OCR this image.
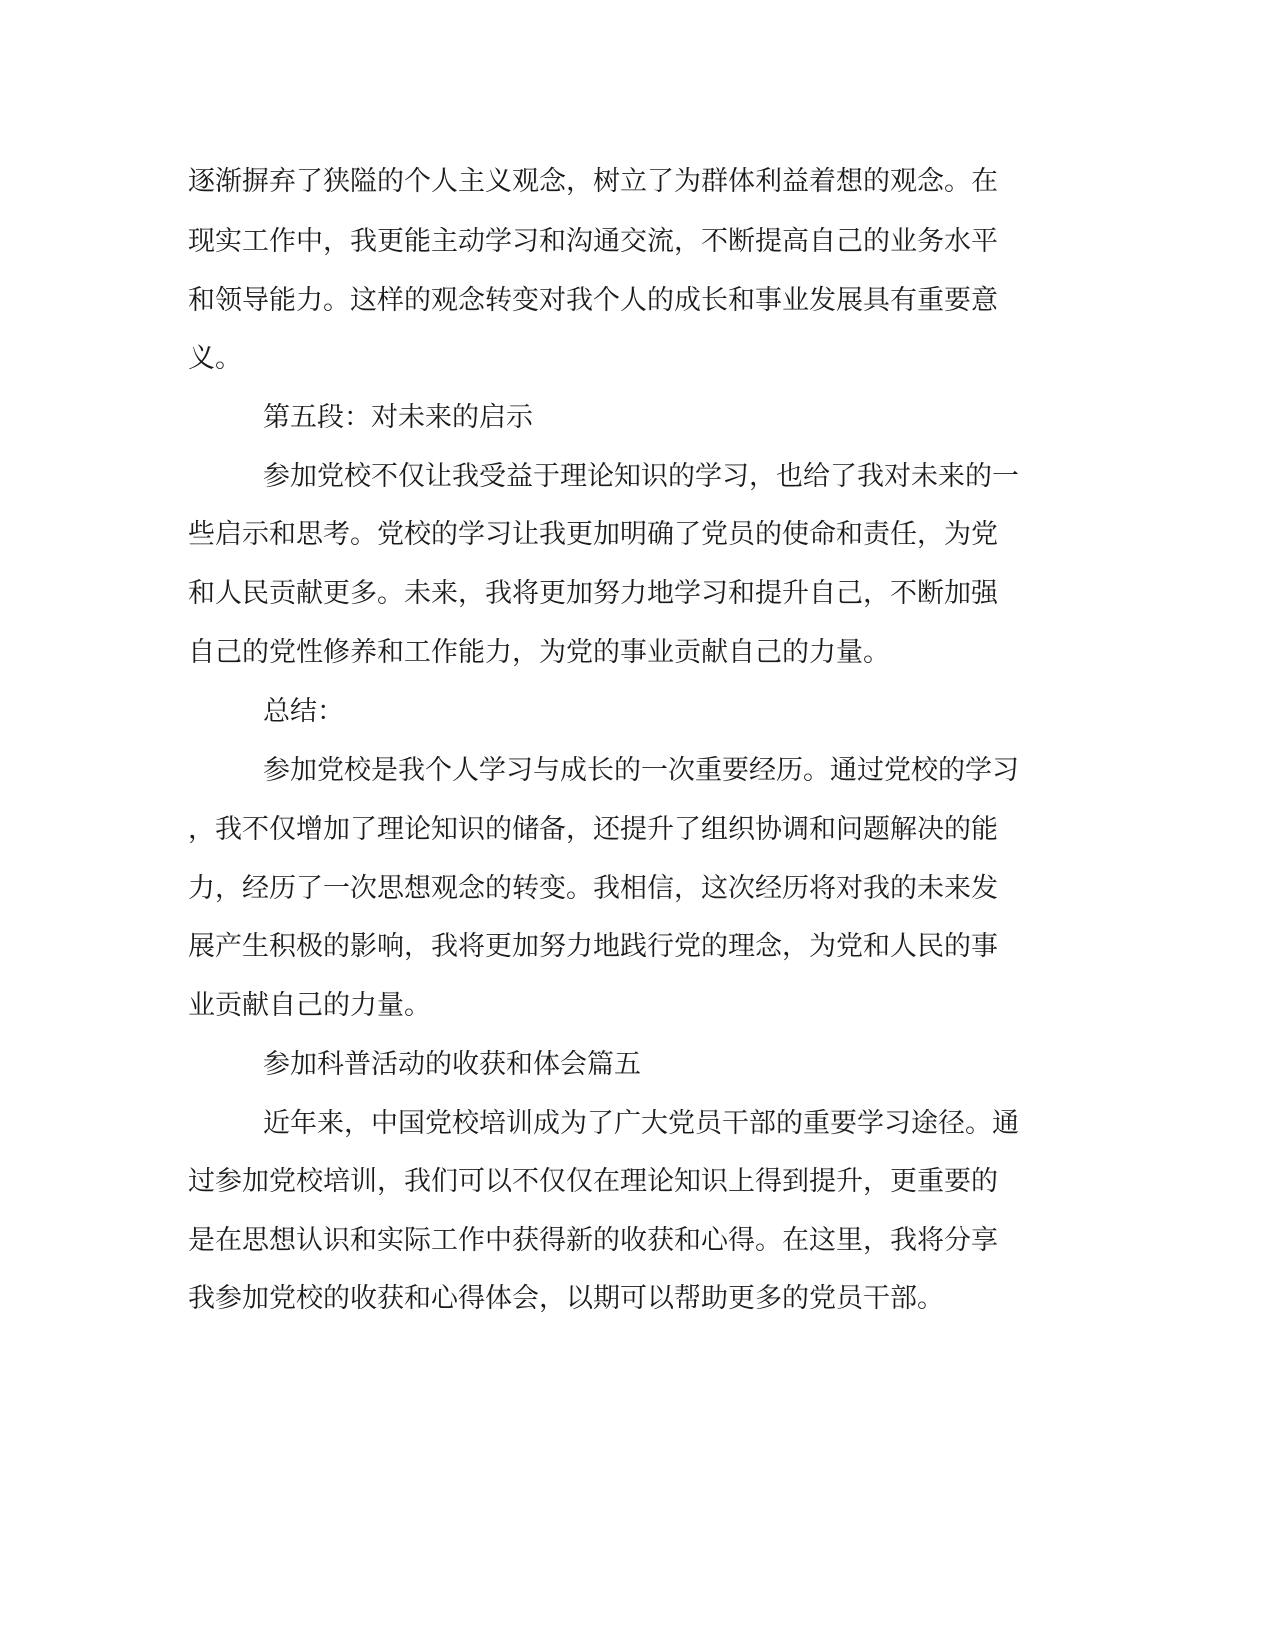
逐渐摒弃了狭隘的个人主义观念，树立了为群体利益着想的观念。在
现实工作中，我更能主动学习和沟通交流，不断提高自己的业务水平
和领导能力。这样的观念转变对我个人的成长和事业发展具有重要意
义。
第五段：对未来的启示
参加党校不仅让我受益于理论知识的学习，也给了我对未来的一
些启示和思考。党校的学习让我更加明确了党员的使命和责任，为党
和人民贡献更多。未来，我将更加努力地学习和提升自己，不断加强
自己的党性修养和工作能力，为党的事业贡献自己的力量。
总结：
参加党校是我个人学习与成长的一次重要经历。通过党校的学习
，我不仅增加了理论知识的储备，还提升了组织协调和问题解决的能
力，经历了一次思想观念的转变。我相信，这次经历将对我的未来发
展产生积极的影响，我将更加努力地践行党的理念，为党和人民的事
业贡献自己的力量。
参加科普活动的收获和体会篇五
近年来，中国党校培训成为了广大党员干部的重要学习途径。通
过参加党校培训，我们可以不仅仅在理论知识上得到提升，更重要的
是在思想认识和实际工作中获得新的收获和心得。在这里，我将分享
我参加党校的收获和心得体会，以期可以帮助更多的党员干部。
